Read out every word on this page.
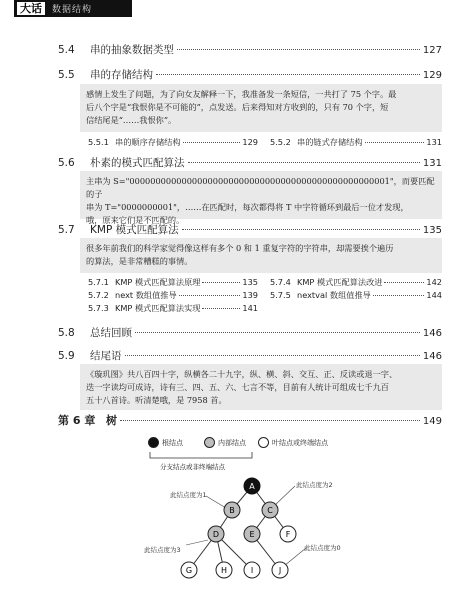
大话	数据结构
5.4	串的抽象数据类型	127
5.5	串的存储结构	129
感情上发生了问题，为了向女友解释一下，我准备发一条短信，一共打了 75 个字。最
后八个字是“我恨你是不可能的”，点发送。后来得知对方收到的，只有 70 个字，短
信结尾是“……我恨你”。
5.5.1 串的顺序存储结构	129 5.5.2 串的链式存储结构	131
5.6	朴素的模式匹配算法	131
主串为 S="00000000000000000000000000000000000000000000000001"，而要匹配的子
串为 T="0000000001"，……在匹配时，每次都得将 T 中字符循环到最后一位才发现，
哦，原来它们是不匹配的。
5.7	KMP 模式匹配算法	135
很多年前我们的科学家觉得像这样有多个 0 和 1 重复字符的字符串，却需要挨个遍历
的算法，是非常糟糕的事情。
5.7.1 KMP 模式匹配算法原理	135 5.7.4 KMP 模式匹配算法改进	142
5.7.2 next 数组值推导	139 5.7.5 nextval 数组值推导	144
5.7.3 KMP 模式匹配算法实现	141
5.8	总结回顾	146
5.9	结尾语	146
《璇玑图》共八百四十字，纵横各二十九字，纵、横、斜、交互、正、反读或退一字、
迭一字读均可成诗，诗有三、四、五、六、七言不等，目前有人统计可组成七千九百
五十八首诗。听清楚哦，是 7958 首。
第 6 章 树	149
根结点	内部结点	叶结点或终端结点
分支结点或非终端结点
A
B	C
D	E	F
G	H	I	J
此结点度为1
此结点度为2
此结点度为3	此结点度为0
